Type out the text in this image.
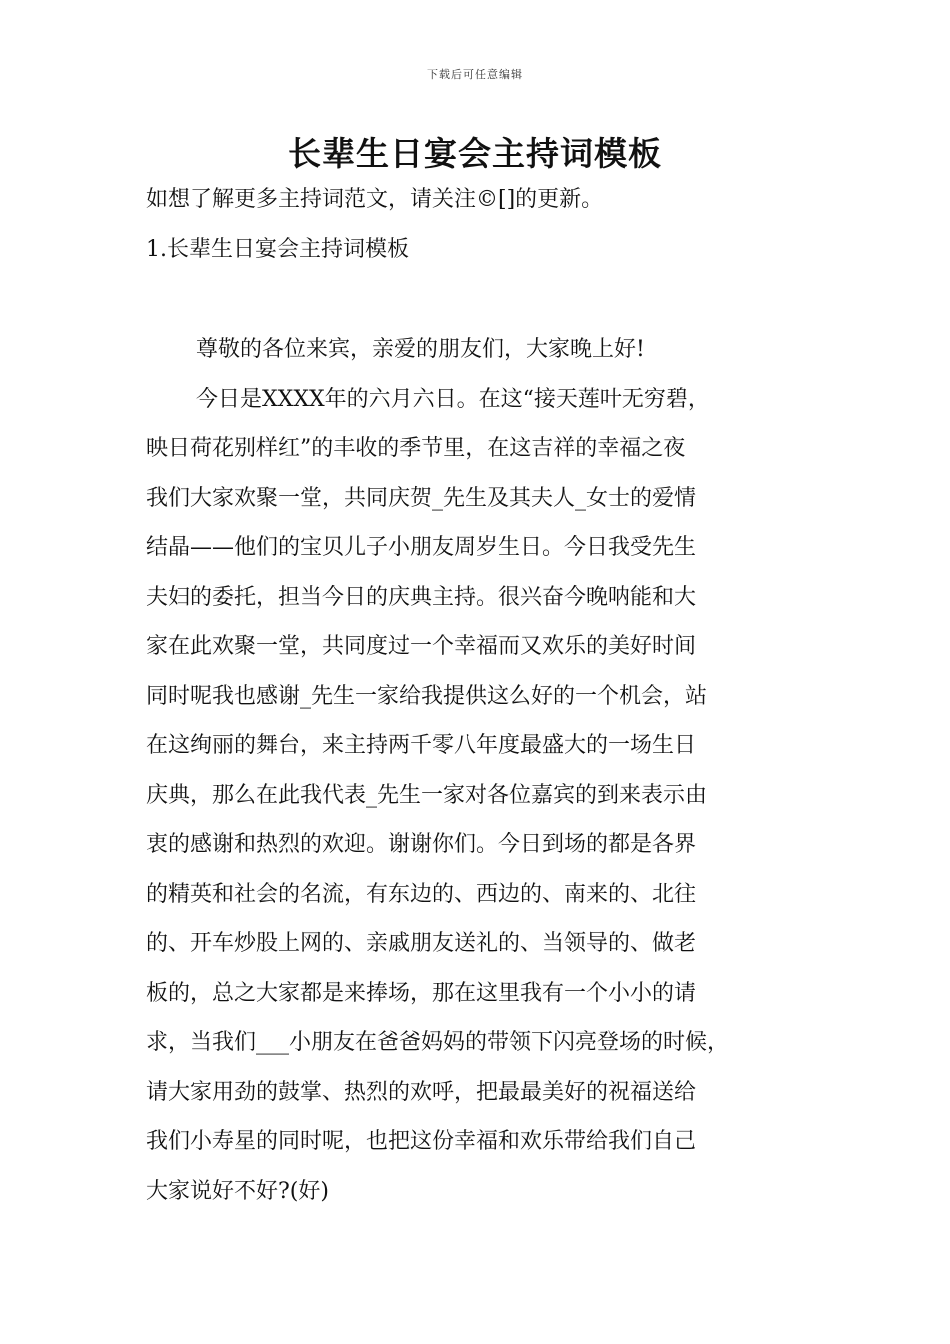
下载后可任意编辑
长辈生日宴会主持词模板
如想了解更多主持词范文，请关注©[]的更新。
1.长辈生日宴会主持词模板
尊敬的各位来宾，亲爱的朋友们，大家晚上好!
今日是XXXX年的六月六日。在这“接天莲叶无穷碧，
映日荷花别样红”的丰收的季节里，在这吉祥的幸福之夜
我们大家欢聚一堂，共同庆贺_先生及其夫人_女士的爱情
结晶——他们的宝贝儿子小朋友周岁生日。今日我受先生
夫妇的委托，担当今日的庆典主持。很兴奋今晚呐能和大
家在此欢聚一堂，共同度过一个幸福而又欢乐的美好时间
同时呢我也感谢_先生一家给我提供这么好的一个机会，站
在这绚丽的舞台，来主持两千零八年度最盛大的一场生日
庆典，那么在此我代表_先生一家对各位嘉宾的到来表示由
衷的感谢和热烈的欢迎。谢谢你们。今日到场的都是各界
的精英和社会的名流，有东边的、西边的、南来的、北往
的、开车炒股上网的、亲戚朋友送礼的、当领导的、做老
板的，总之大家都是来捧场，那在这里我有一个小小的请
求，当我们___小朋友在爸爸妈妈的带领下闪亮登场的时候，
请大家用劲的鼓掌、热烈的欢呼，把最最美好的祝福送给
我们小寿星的同时呢，也把这份幸福和欢乐带给我们自己
大家说好不好?(好)
